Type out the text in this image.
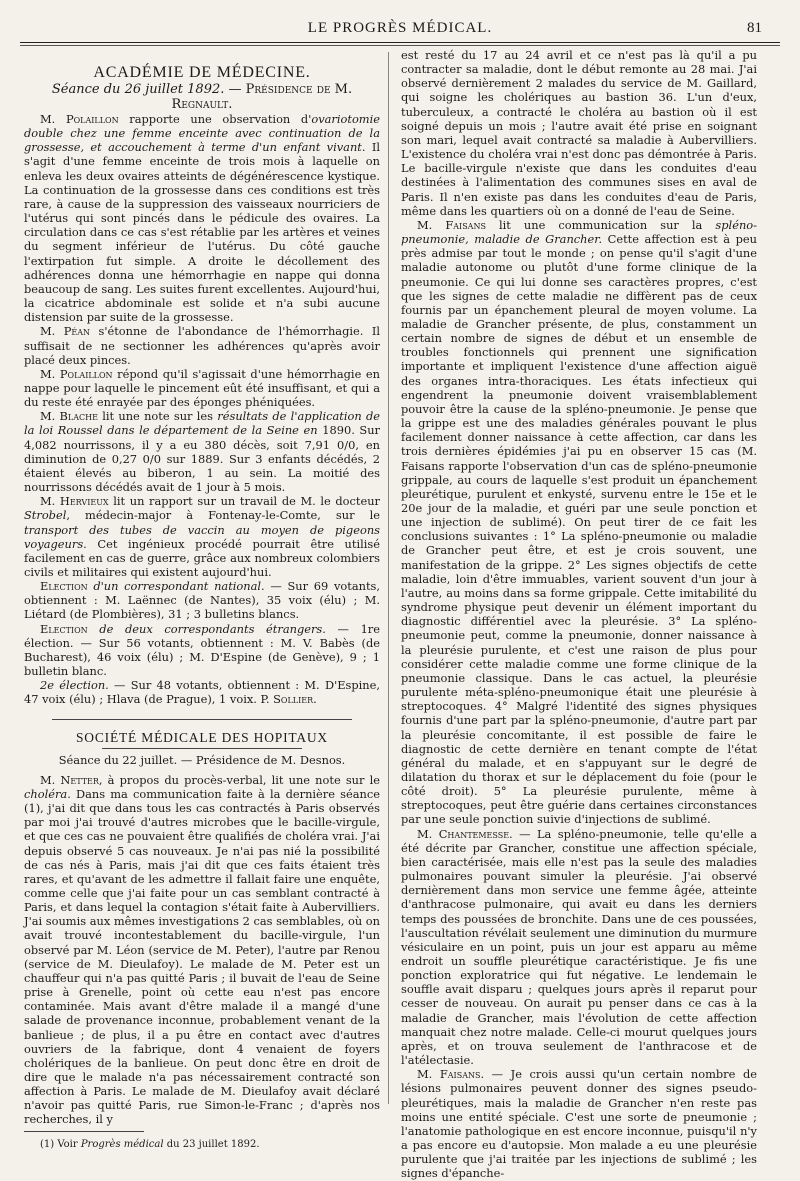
LE PROGRÈS MÉDICAL.	81
ACADÉMIE DE MÉDECINE.
Séance du 26 juillet 1892. — Présidence de M. Regnault.

M. Polaillon rapporte une observation d'ovariotomie double chez une femme enceinte avec continuation de la grossesse, et accouchement à terme d'un enfant vivant. Il s'agit d'une femme enceinte de trois mois à laquelle on enleva les deux ovaires atteints de dégénérescence kystique. La continuation de la grossesse dans ces conditions est très rare, à cause de la suppression des vaisseaux nourriciers de l'utérus qui sont pincés dans le pédicule des ovaires. La circulation dans ce cas s'est rétablie par les artères et veines du segment inférieur de l'utérus. Du côté gauche l'extirpation fut simple. A droite le décollement des adhérences donna une hémorrhagie en nappe qui donna beaucoup de sang. Les suites furent excellentes. Aujourd'hui, la cicatrice abdominale est solide et n'a subi aucune distension par suite de la grossesse.

M. Péan s'étonne de l'abondance de l'hémorrhagie. Il suffisait de ne sectionner les adhérences qu'après avoir placé deux pinces.

M. Polaillon répond qu'il s'agissait d'une hémorrhagie en nappe pour laquelle le pincement eût été insuffisant, et qui a du reste été enrayée par des éponges phéniquées.

M. Blache lit une note sur les résultats de l'application de la loi Roussel dans le département de la Seine en 1890. Sur 4,082 nourrissons, il y a eu 380 décès, soit 7,91 0/0, en diminution de 0,27 0/0 sur 1889. Sur 3 enfants décédés, 2 étaient élevés au biberon, 1 au sein. La moitié des nourrissons décédés avait de 1 jour à 5 mois.

M. Hervieux lit un rapport sur un travail de M. le docteur Strobel, médecin-major à Fontenay-le-Comte, sur le transport des tubes de vaccin au moyen de pigeons voyageurs. Cet ingénieux procédé pourrait être utilisé facilement en cas de guerre, grâce aux nombreux colombiers civils et militaires qui existent aujourd'hui.

Election d'un correspondant national. — Sur 69 votants, obtiennent : M. Laënnec (de Nantes), 35 voix (élu) ; M. Liétard (de Plombières), 31 ; 3 bulletins blancs.

Election de deux correspondants étrangers. — 1re élection. — Sur 56 votants, obtiennent : M. V. Babès (de Bucharest), 46 voix (élu) ; M. D'Espine (de Genève), 9 ; 1 bulletin blanc.

2e élection. — Sur 48 votants, obtiennent : M. D'Espine, 47 voix (élu) ; Hlava (de Prague), 1 voix. P. Sollier.

SOCIÉTÉ MÉDICALE DES HOPITAUX
Séance du 22 juillet. — Présidence de M. Desnos.

M. Netter, à propos du procès-verbal, lit une note sur le choléra. Dans ma communication faite à la dernière séance (1), j'ai dit que dans tous les cas contractés à Paris observés par moi j'ai trouvé d'autres microbes que le bacille-virgule, et que ces cas ne pouvaient être qualifiés de choléra vrai. J'ai depuis observé 5 cas nouveaux. Je n'ai pas nié la possibilité de cas nés à Paris, mais j'ai dit que ces faits étaient très rares, et qu'avant de les admettre il fallait faire une enquête, comme celle que j'ai faite pour un cas semblant contracté à Paris, et dans lequel la contagion s'était faite à Aubervilliers. J'ai soumis aux mêmes investigations 2 cas semblables, où on avait trouvé incontestablement du bacille-virgule, l'un observé par M. Léon (service de M. Peter), l'autre par Renou (service de M. Dieulafoy). Le malade de M. Peter est un chauffeur qui n'a pas quitté Paris ; il buvait de l'eau de Seine prise à Grenelle, point où cette eau n'est pas encore contaminée. Mais avant d'être malade il a mangé d'une salade de provenance inconnue, probablement venant de la banlieue ; de plus, il a pu être en contact avec d'autres ouvriers de la fabrique, dont 4 venaient de foyers cholériques de la banlieue. On peut donc être en droit de dire que le malade n'a pas nécessairement contracté son affection à Paris. Le malade de M. Dieulafoy avait déclaré n'avoir pas quitté Paris, rue Simon-le-Franc ; d'après nos recherches, il y

(1) Voir Progrès médical du 23 juillet 1892.

est resté du 17 au 24 avril et ce n'est pas là qu'il a pu contracter sa maladie, dont le début remonte au 28 mai. J'ai observé dernièrement 2 malades du service de M. Gaillard, qui soigne les cholériques au bastion 36. L'un d'eux, tuberculeux, a contracté le choléra au bastion où il est soigné depuis un mois ; l'autre avait été prise en soignant son mari, lequel avait contracté sa maladie à Aubervilliers. L'existence du choléra vrai n'est donc pas démontrée à Paris. Le bacille-virgule n'existe que dans les conduites d'eau destinées à l'alimentation des communes sises en aval de Paris. Il n'en existe pas dans les conduites d'eau de Paris, même dans les quartiers où on a donné de l'eau de Seine.

M. Faisans lit une communication sur la spléno-pneumonie, maladie de Grancher. Cette affection est à peu près admise par tout le monde ; on pense qu'il s'agit d'une maladie autonome ou plutôt d'une forme clinique de la pneumonie. Ce qui lui donne ses caractères propres, c'est que les signes de cette maladie ne diffèrent pas de ceux fournis par un épanchement pleural de moyen volume. La maladie de Grancher présente, de plus, constamment un certain nombre de signes de début et un ensemble de troubles fonctionnels qui prennent une signification importante et impliquent l'existence d'une affection aiguë des organes intra-thoraciques. Les états infectieux qui engendrent la pneumonie doivent vraisemblablement pouvoir être la cause de la spléno-pneumonie. Je pense que la grippe est une des maladies générales pouvant le plus facilement donner naissance à cette affection, car dans les trois dernières épidémies j'ai pu en observer 15 cas (M. Faisans rapporte l'observation d'un cas de spléno-pneumonie grippale, au cours de laquelle s'est produit un épanchement pleurétique, purulent et enkysté, survenu entre le 15e et le 20e jour de la maladie, et guéri par une seule ponction et une injection de sublimé). On peut tirer de ce fait les conclusions suivantes : 1° La spléno-pneumonie ou maladie de Grancher peut être, et est je crois souvent, une manifestation de la grippe. 2° Les signes objectifs de cette maladie, loin d'être immuables, varient souvent d'un jour à l'autre, au moins dans sa forme grippale. Cette imitabilité du syndrome physique peut devenir un élément important du diagnostic différentiel avec la pleurésie. 3° La spléno-pneumonie peut, comme la pneumonie, donner naissance à la pleurésie purulente, et c'est une raison de plus pour considérer cette maladie comme une forme clinique de la pneumonie classique. Dans le cas actuel, la pleurésie purulente méta-spléno-pneumonique était une pleurésie à streptocoques. 4° Malgré l'identité des signes physiques fournis d'une part par la spléno-pneumonie, d'autre part par la pleurésie concomitante, il est possible de faire le diagnostic de cette dernière en tenant compte de l'état général du malade, et en s'appuyant sur le degré de dilatation du thorax et sur le déplacement du foie (pour le côté droit). 5° La pleurésie purulente, même à streptocoques, peut être guérie dans certaines circonstances par une seule ponction suivie d'injections de sublimé.

M. Chantemesse. — La spléno-pneumonie, telle qu'elle a été décrite par Grancher, constitue une affection spéciale, bien caractérisée, mais elle n'est pas la seule des maladies pulmonaires pouvant simuler la pleurésie. J'ai observé dernièrement dans mon service une femme âgée, atteinte d'anthracose pulmonaire, qui avait eu dans les derniers temps des poussées de bronchite. Dans une de ces poussées, l'auscultation révélait seulement une diminution du murmure vésiculaire en un point, puis un jour est apparu au même endroit un souffle pleurétique caractéristique. Je fis une ponction exploratrice qui fut négative. Le lendemain le souffle avait disparu ; quelques jours après il reparut pour cesser de nouveau. On aurait pu penser dans ce cas à la maladie de Grancher, mais l'évolution de cette affection manquait chez notre malade. Celle-ci mourut quelques jours après, et on trouva seulement de l'anthracose et de l'atélectasie.

M. Faisans. — Je crois aussi qu'un certain nombre de lésions pulmonaires peuvent donner des signes pseudo-pleurétiques, mais la maladie de Grancher n'en reste pas moins une entité spéciale. C'est une sorte de pneumonie ; l'anatomie pathologique en est encore inconnue, puisqu'il n'y a pas encore eu d'autopsie. Mon malade a eu une pleurésie purulente que j'ai traitée par les injections de sublimé ; les signes d'épanche-
